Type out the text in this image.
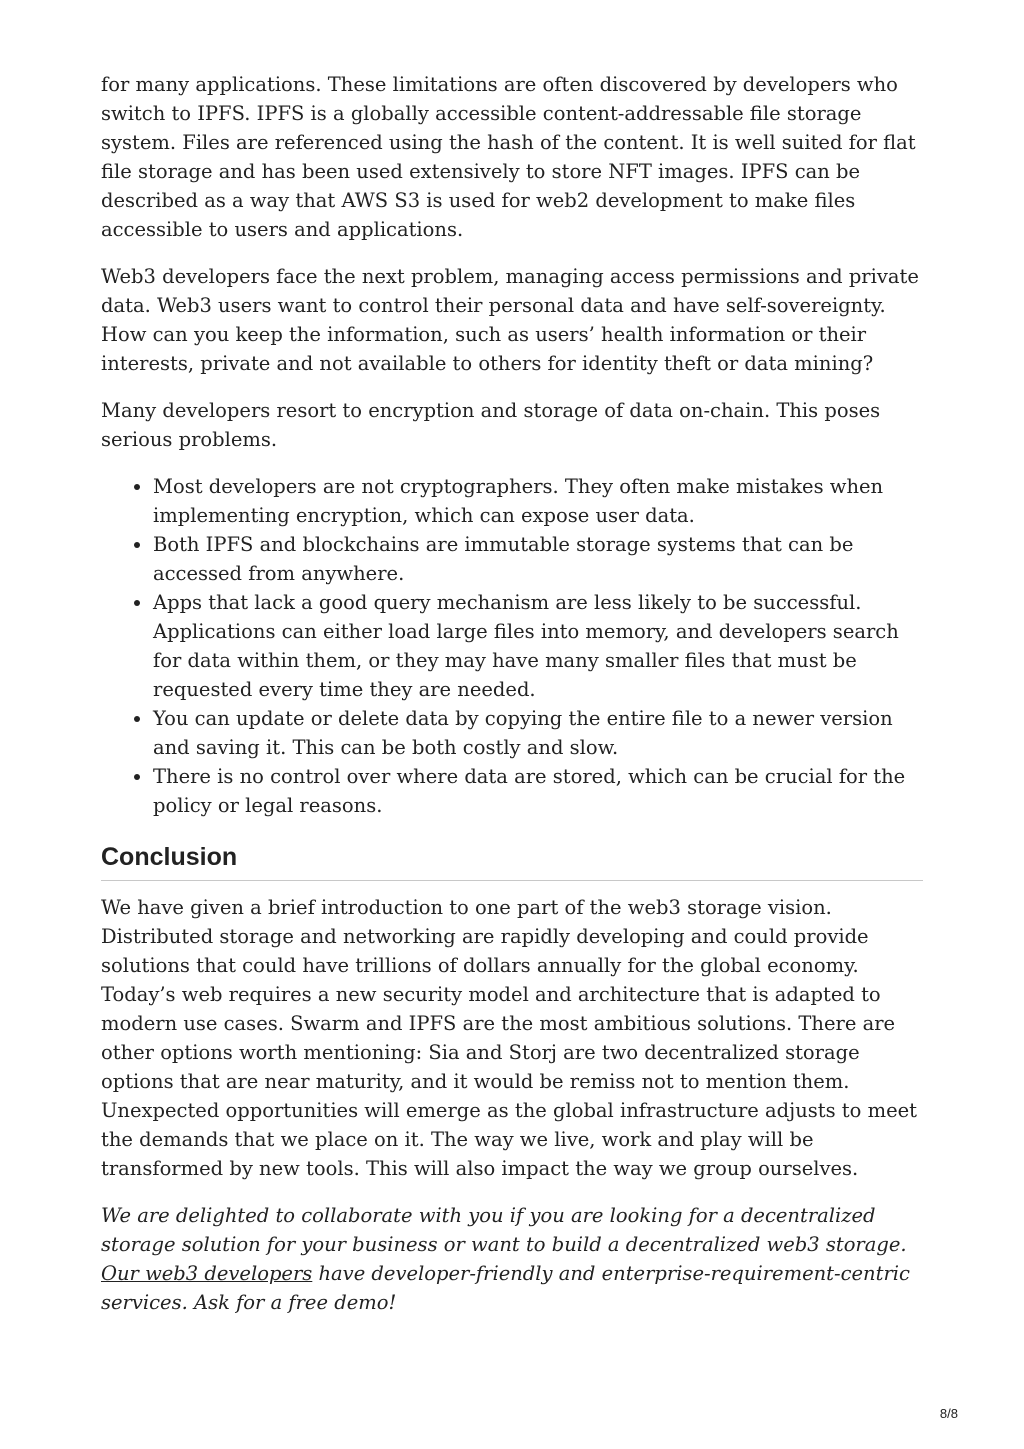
for many applications. These limitations are often discovered by developers who switch to IPFS. IPFS is a globally accessible content-addressable file storage system. Files are referenced using the hash of the content. It is well suited for flat file storage and has been used extensively to store NFT images. IPFS can be described as a way that AWS S3 is used for web2 development to make files accessible to users and applications.

Web3 developers face the next problem, managing access permissions and private data. Web3 users want to control their personal data and have self-sovereignty. How can you keep the information, such as users’ health information or their interests, private and not available to others for identity theft or data mining?

Many developers resort to encryption and storage of data on-chain. This poses serious problems.

• Most developers are not cryptographers. They often make mistakes when implementing encryption, which can expose user data.
• Both IPFS and blockchains are immutable storage systems that can be accessed from anywhere.
• Apps that lack a good query mechanism are less likely to be successful. Applications can either load large files into memory, and developers search for data within them, or they may have many smaller files that must be requested every time they are needed.
• You can update or delete data by copying the entire file to a newer version and saving it. This can be both costly and slow.
• There is no control over where data are stored, which can be crucial for the policy or legal reasons.
Conclusion

We have given a brief introduction to one part of the web3 storage vision. Distributed storage and networking are rapidly developing and could provide solutions that could have trillions of dollars annually for the global economy. Today’s web requires a new security model and architecture that is adapted to modern use cases. Swarm and IPFS are the most ambitious solutions. There are other options worth mentioning: Sia and Storj are two decentralized storage options that are near maturity, and it would be remiss not to mention them. Unexpected opportunities will emerge as the global infrastructure adjusts to meet the demands that we place on it. The way we live, work and play will be transformed by new tools. This will also impact the way we group ourselves.

We are delighted to collaborate with you if you are looking for a decentralized storage solution for your business or want to build a decentralized web3 storage. Our web3 developers have developer-friendly and enterprise-requirement-centric services. Ask for a free demo!

8/8
